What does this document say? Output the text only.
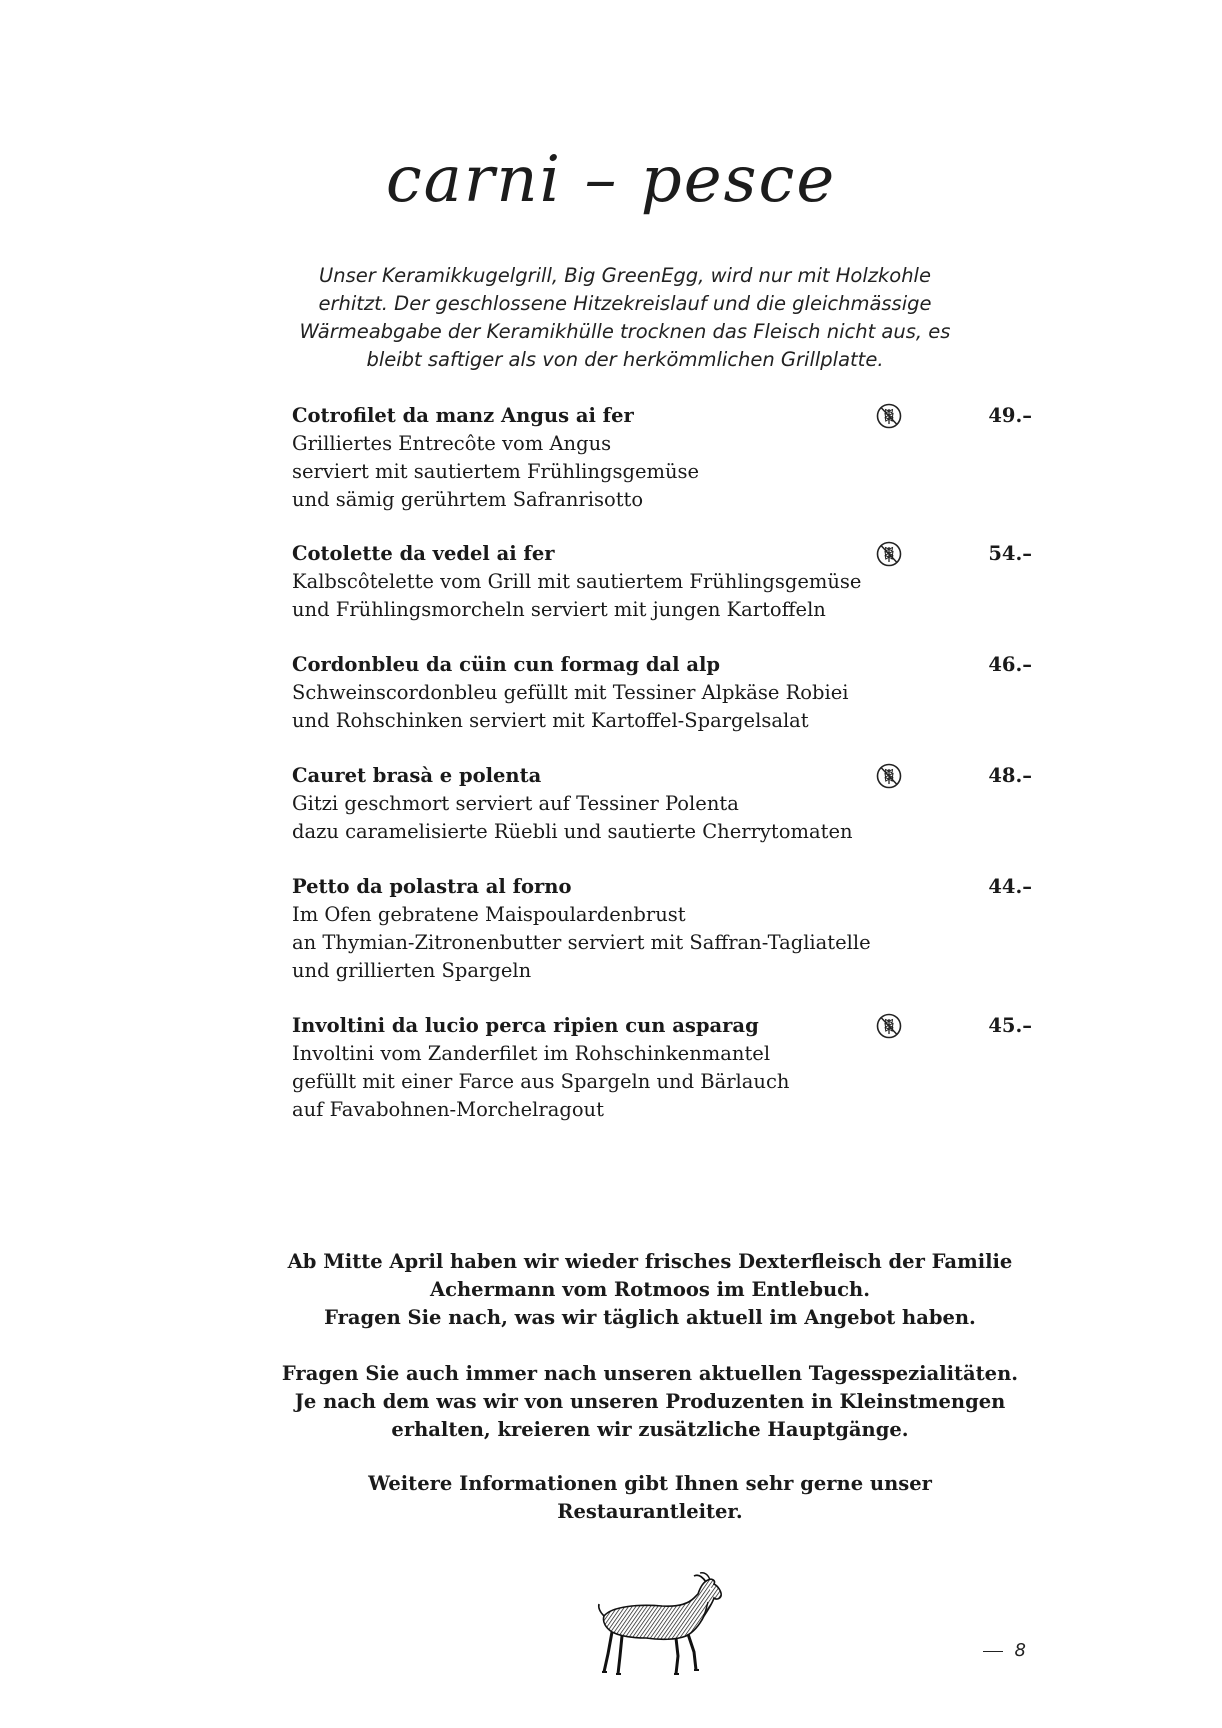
carni – pesce
Unser Keramikkugelgrill, Big GreenEgg, wird nur mit Holzkohle
erhitzt. Der geschlossene Hitzekreislauf und die gleichmässige
Wärmeabgabe der Keramikhülle trocknen das Fleisch nicht aus, es
bleibt saftiger als von der herkömmlichen Grillplatte.
Cotrofilet da manz Angus ai fer	49.–
Grilliertes Entrecôte vom Angus
serviert mit sautiertem Frühlingsgemüse
und sämig gerührtem Safranrisotto
Cotolette da vedel ai fer	54.–
Kalbscôtelette vom Grill mit sautiertem Frühlingsgemüse
und Frühlingsmorcheln serviert mit jungen Kartoffeln
Cordonbleu da cüin cun formag dal alp	46.–
Schweinscordonbleu gefüllt mit Tessiner Alpkäse Robiei
und Rohschinken serviert mit Kartoffel-Spargelsalat
Cauret brasà e polenta	48.–
Gitzi geschmort serviert auf Tessiner Polenta
dazu caramelisierte Rüebli und sautierte Cherrytomaten
Petto da polastra al forno	44.–
Im Ofen gebratene Maispoulardenbrust
an Thymian-Zitronenbutter serviert mit Saffran-Tagliatelle
und grillierten Spargeln
Involtini da lucio perca ripien cun asparag	45.–
Involtini vom Zanderfilet im Rohschinkenmantel
gefüllt mit einer Farce aus Spargeln und Bärlauch
auf Favabohnen-Morchelragout
Ab Mitte April haben wir wieder frisches Dexterfleisch der Familie
Achermann vom Rotmoos im Entlebuch.
Fragen Sie nach, was wir täglich aktuell im Angebot haben.
Fragen Sie auch immer nach unseren aktuellen Tagesspezialitäten.
Je nach dem was wir von unseren Produzenten in Kleinstmengen
erhalten, kreieren wir zusätzliche Hauptgänge.
Weitere Informationen gibt Ihnen sehr gerne unser
Restaurantleiter.
8
